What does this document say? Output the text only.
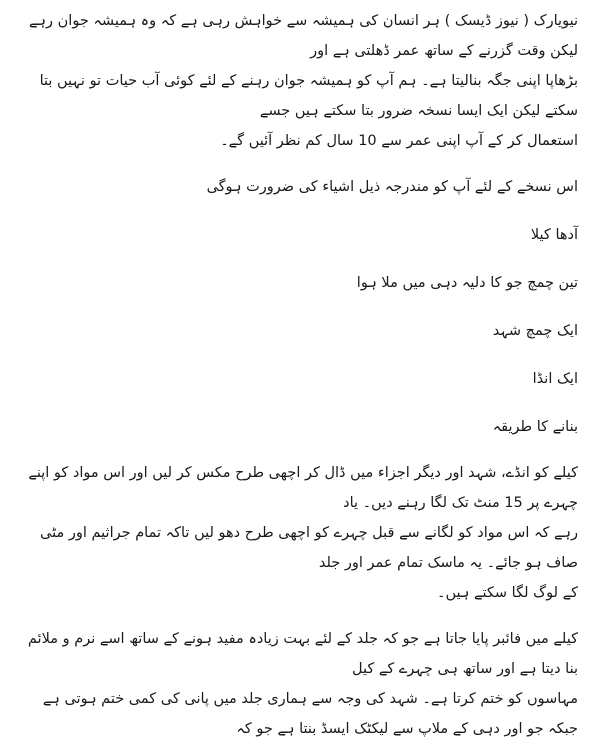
نیویارک ( نیوز ڈیسک ) ہر انسان کی ہمیشہ سے خواہش رہی ہے کہ وہ ہمیشہ جوان رہے لیکن وقت گزرنے کے ساتھ عمر ڈھلتی ہے اور

بڑھاپا اپنی جگہ بنالیتا ہے۔ ہم آپ کو ہمیشہ جوان رہنے کے لئے کوئی آب حیات تو نہیں بتا سکتے لیکن ایک ایسا نسخہ ضرور بتا سکتے ہیں جسے

استعمال کر کے آپ اپنی عمر سے 10 سال کم نظر آئیں گے۔

اس نسخے کے لئے آپ کو مندرجہ ذیل اشیاء کی ضرورت ہوگی

آدھا کیلا

تین چمچ جو کا دلیہ دہی میں ملا ہوا

ایک چمچ شہد

ایک انڈا

بنانے کا طریقہ

کیلے کو انڈے، شہد اور دیگر اجزاء میں ڈال کر اچھی طرح مکس کر لیں اور اس مواد کو اپنے چہرے پر 15 منٹ تک لگا رہنے دیں۔ یاد

رہے کہ اس مواد کو لگانے سے قبل چہرے کو اچھی طرح دھو لیں تاکہ تمام جراثیم اور مٹی صاف ہو جائے۔ یہ ماسک تمام عمر اور جلد

کے لوگ لگا سکتے ہیں۔

کیلے میں فائبر پایا جاتا ہے جو کہ جلد کے لئے بہت زیادہ مفید ہونے کے ساتھ اسے نرم و ملائم بنا دیتا ہے اور ساتھ ہی چہرے کے کیل

مہاسوں کو ختم کرتا ہے۔ شہد کی وجہ سے ہماری جلد میں پانی کی کمی ختم ہوتی ہے جبکہ جو اور دہی کے ملاپ سے لیکٹک ایسڈ بنتا ہے جو کہ
